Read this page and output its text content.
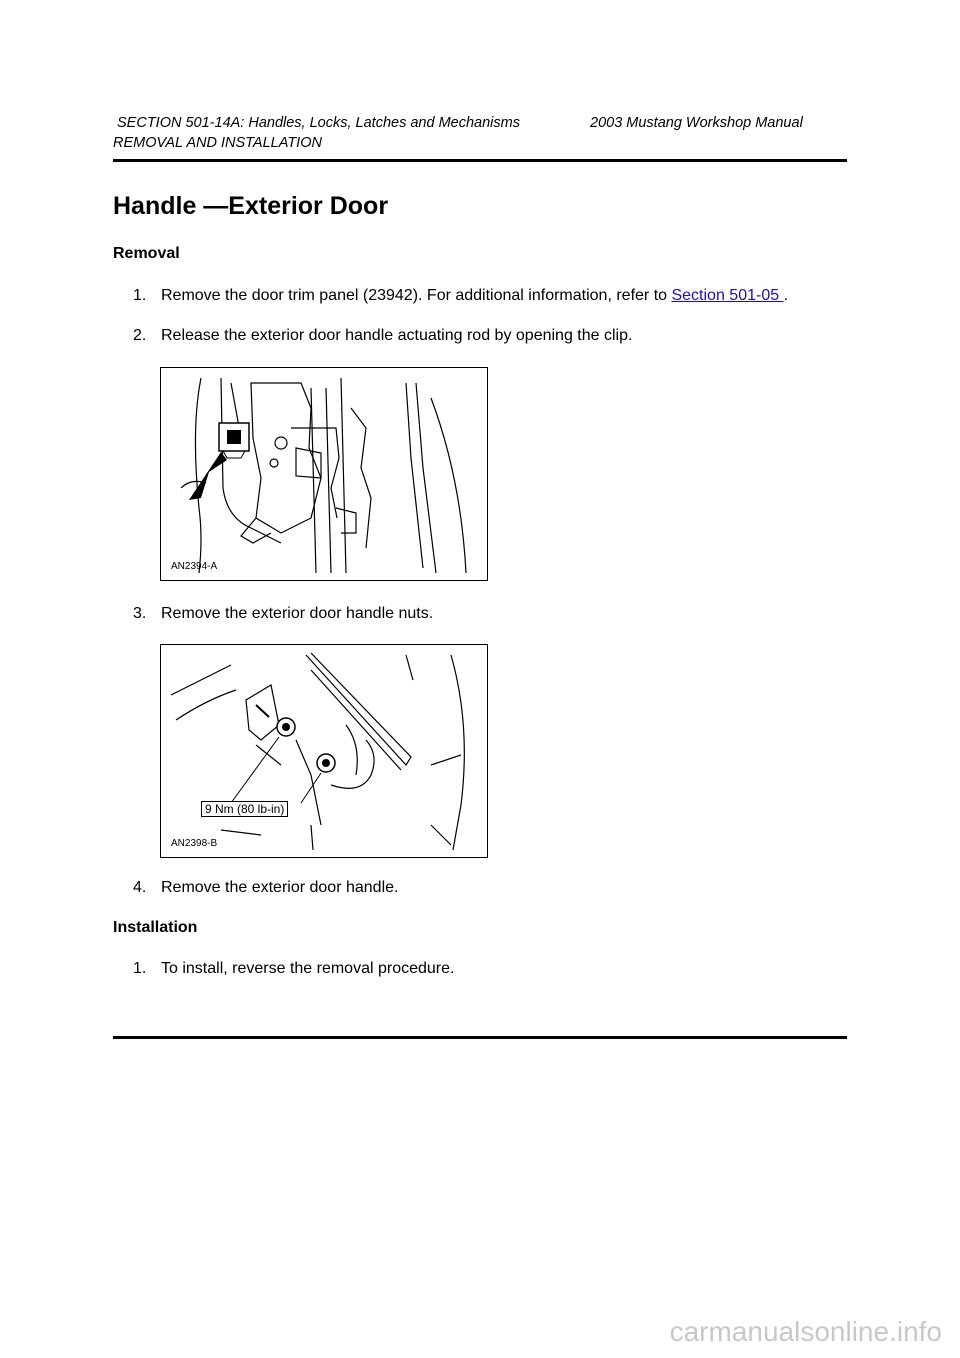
SECTION 501-14A: Handles, Locks, Latches and Mechanisms	2003 Mustang Workshop Manual
REMOVAL AND INSTALLATION
Handle —Exterior Door
Removal
1. Remove the door trim panel (23942). For additional information, refer to Section 501-05 .
2. Release the exterior door handle actuating rod by opening the clip.
AN2394-A
3. Remove the exterior door handle nuts.
9 Nm (80 lb-in)
AN2398-B
4. Remove the exterior door handle.
Installation
1. To install, reverse the removal procedure.
carmanualsonline.info
